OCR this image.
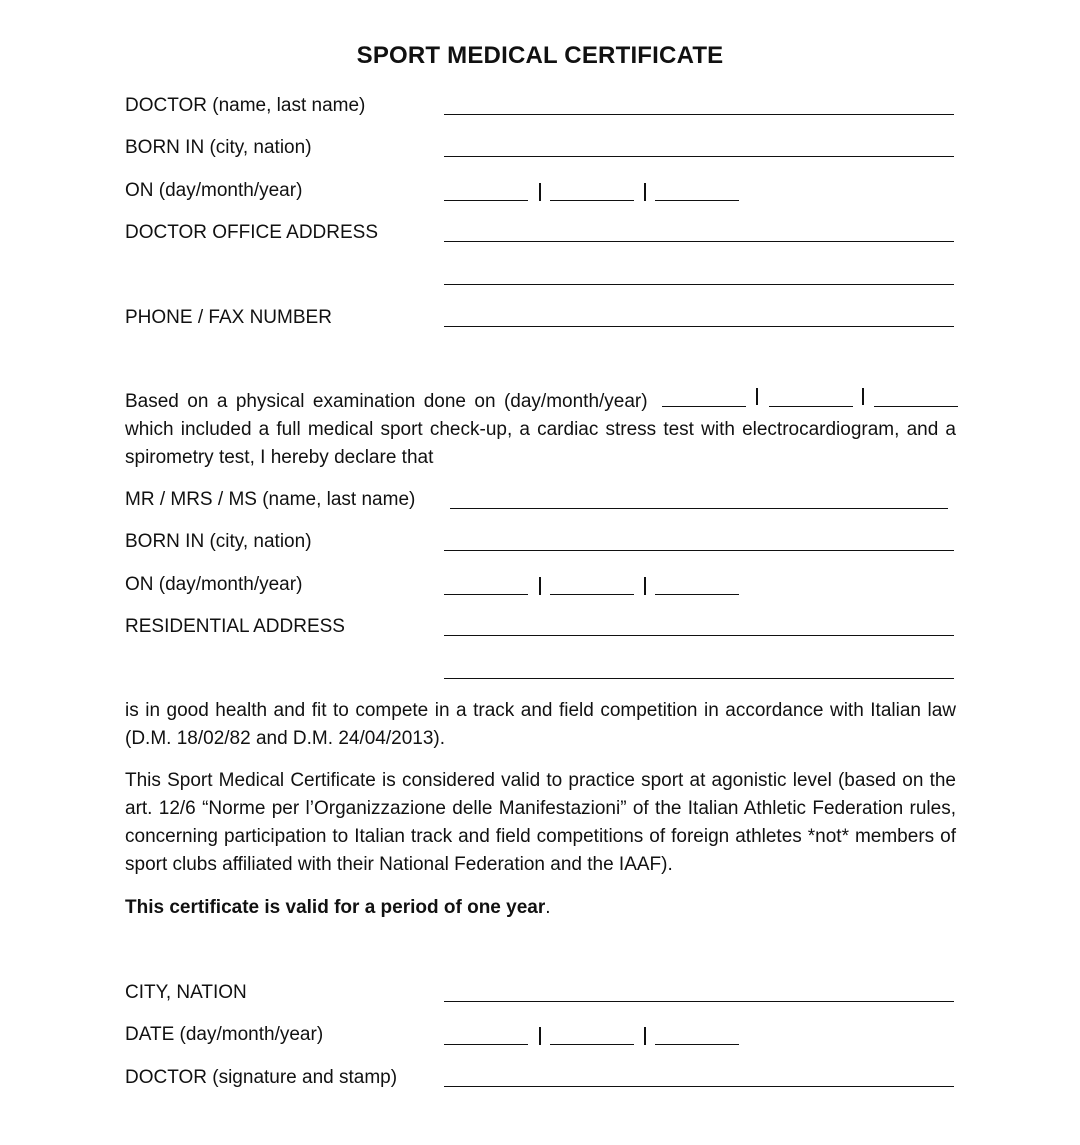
SPORT MEDICAL CERTIFICATE
DOCTOR (name, last name)
BORN IN (city, nation)
ON (day/month/year)
DOCTOR OFFICE ADDRESS
PHONE / FAX NUMBER
Based on a physical examination done on (day/month/year)
which included a full medical sport check-up, a cardiac stress test with electrocardiogram, and a spirometry test, I hereby declare that
MR / MRS / MS (name, last name)
BORN IN (city, nation)
ON (day/month/year)
RESIDENTIAL ADDRESS
is in good health and fit to compete in a track and field competition in accordance with Italian law (D.M. 18/02/82 and D.M. 24/04/2013).
This Sport Medical Certificate is considered valid to practice sport at agonistic level (based on the art. 12/6 “Norme per l’Organizzazione delle Manifestazioni” of the Italian Athletic Federation rules, concerning participation to Italian track and field competitions of foreign athletes *not* members of sport clubs affiliated with their National Federation and the IAAF).
This certificate is valid for a period of one year.
CITY, NATION
DATE (day/month/year)
DOCTOR (signature and stamp)
